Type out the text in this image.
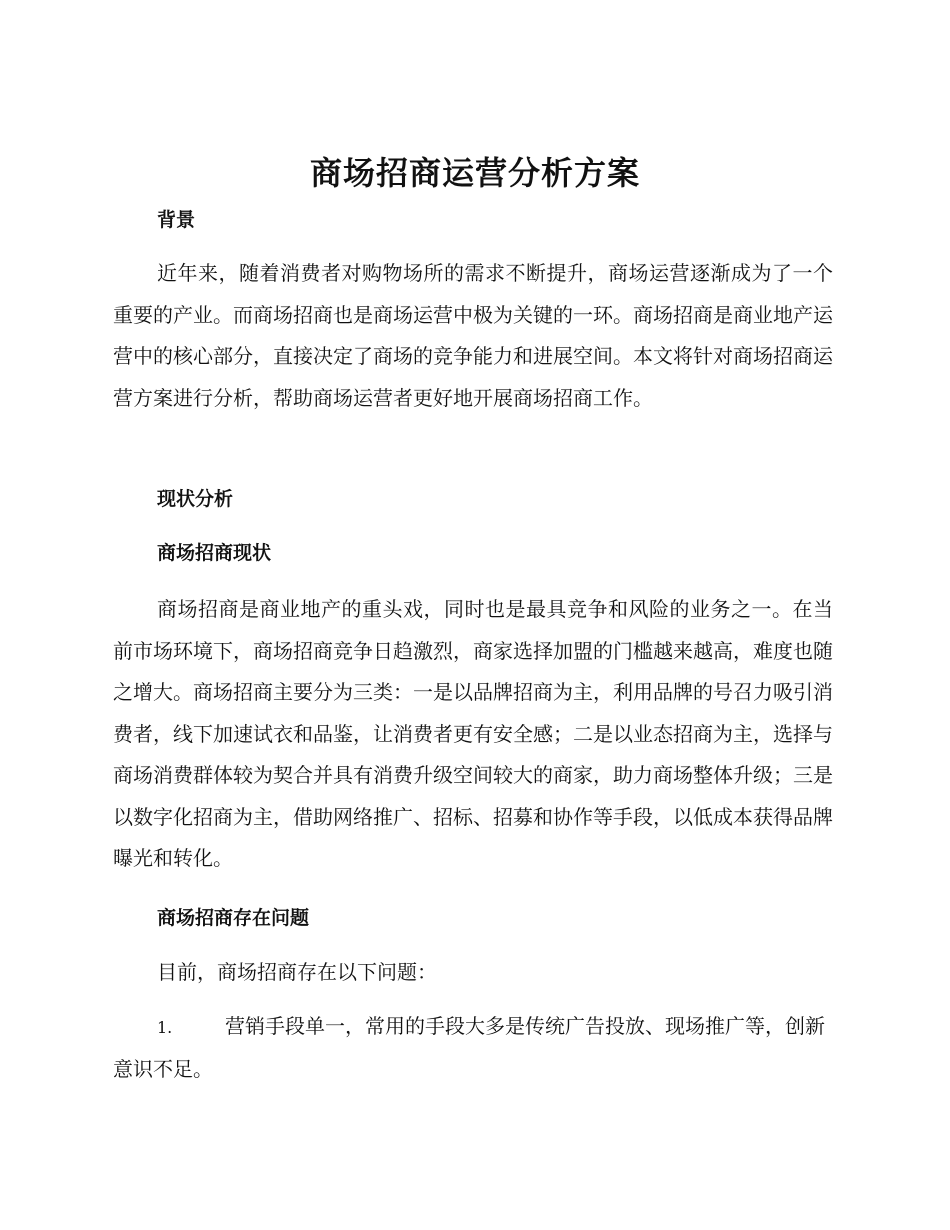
商场招商运营分析方案
背景
近年来，随着消费者对购物场所的需求不断提升，商场运营逐渐成为了一个重要的产业。而商场招商也是商场运营中极为关键的一环。商场招商是商业地产运营中的核心部分，直接决定了商场的竞争能力和进展空间。本文将针对商场招商运营方案进行分析，帮助商场运营者更好地开展商场招商工作。
现状分析
商场招商现状
商场招商是商业地产的重头戏，同时也是最具竞争和风险的业务之一。在当前市场环境下，商场招商竞争日趋激烈，商家选择加盟的门槛越来越高，难度也随之增大。商场招商主要分为三类：一是以品牌招商为主，利用品牌的号召力吸引消费者，线下加速试衣和品鉴，让消费者更有安全感；二是以业态招商为主，选择与商场消费群体较为契合并具有消费升级空间较大的商家，助力商场整体升级；三是以数字化招商为主，借助网络推广、招标、招募和协作等手段，以低成本获得品牌曝光和转化。
商场招商存在问题
目前，商场招商存在以下问题：
1.	营销手段单一，常用的手段大多是传统广告投放、现场推广等，创新意识不足。
